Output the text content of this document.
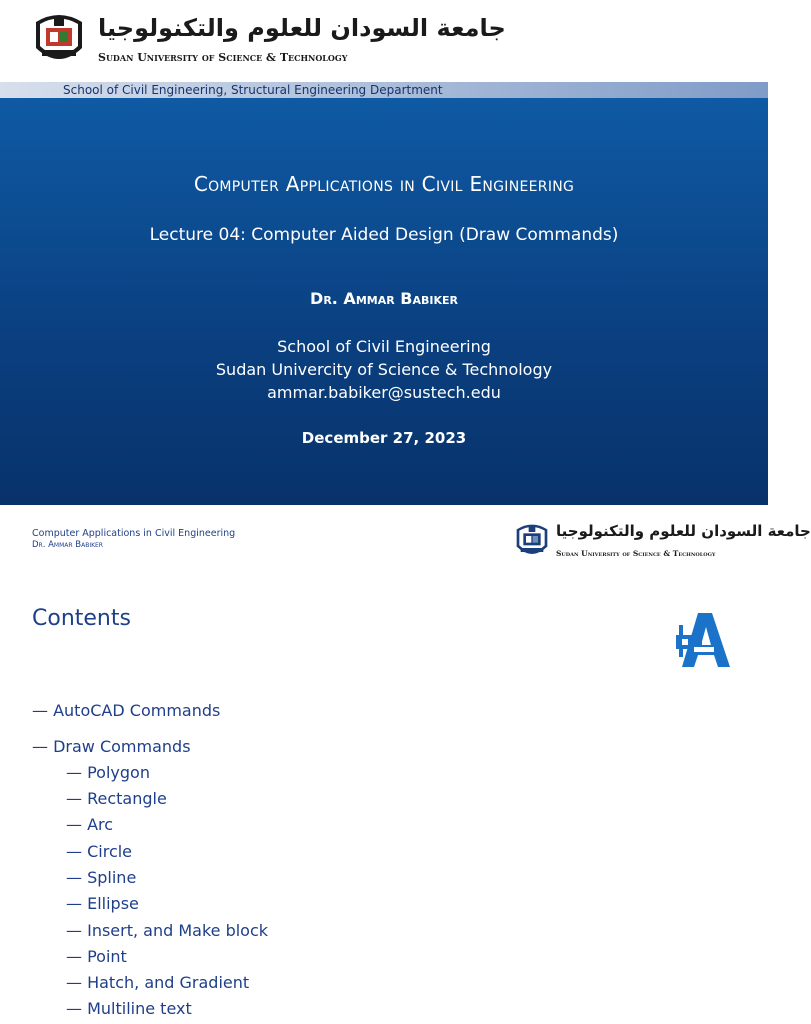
جامعة السودان للعلوم والتكنولوجيا
Sudan University of Science & Technology
School of Civil Engineering, Structural Engineering Department
Computer Applications in Civil Engineering
Lecture 04: Computer Aided Design (Draw Commands)
Dr. Ammar Babiker
School of Civil Engineering
Sudan Univercity of Science & Technology
ammar.babiker@sustech.edu
December 27, 2023
Computer Applications in Civil Engineering
Dr. Ammar Babiker
جامعة السودان للعلوم والتكنولوجيا
Sudan University of Science & Technology
Contents
— AutoCAD Commands
— Draw Commands
— Polygon
— Rectangle
— Arc
— Circle
— Spline
— Ellipse
— Insert, and Make block
— Point
— Hatch, and Gradient
— Multiline text
